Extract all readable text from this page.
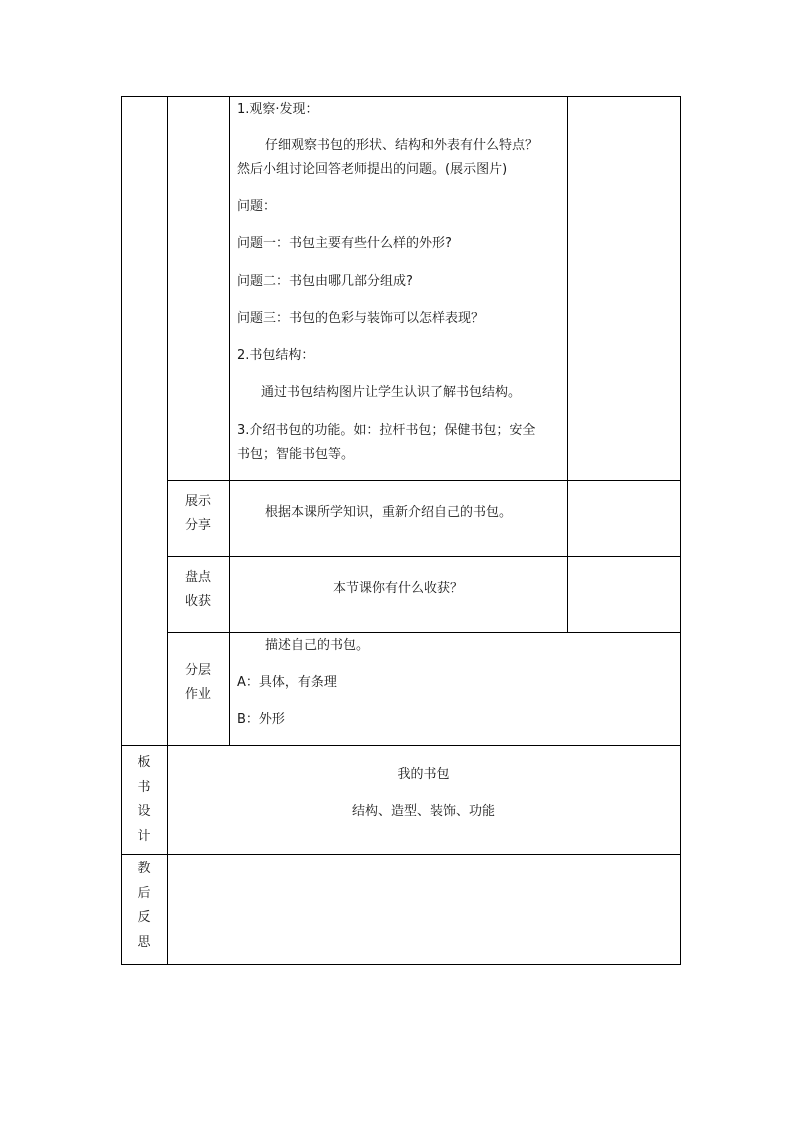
1.观察·发现：
仔细观察书包的形状、结构和外表有什么特点？
然后小组讨论回答老师提出的问题。(展示图片)
问题：
问题一：书包主要有些什么样的外形?
问题二：书包由哪几部分组成?
问题三：书包的色彩与装饰可以怎样表现？
2.书包结构：
通过书包结构图片让学生认识了解书包结构。
3.介绍书包的功能。如：拉杆书包；保健书包；安全
书包；智能书包等。
展示
分享
根据本课所学知识，重新介绍自己的书包。
盘点
收获
本节课你有什么收获？
分层
作业
描述自己的书包。
A：具体，有条理
B：外形
板
书
设
计
我的书包
结构、造型、装饰、功能
教
后
反
思
